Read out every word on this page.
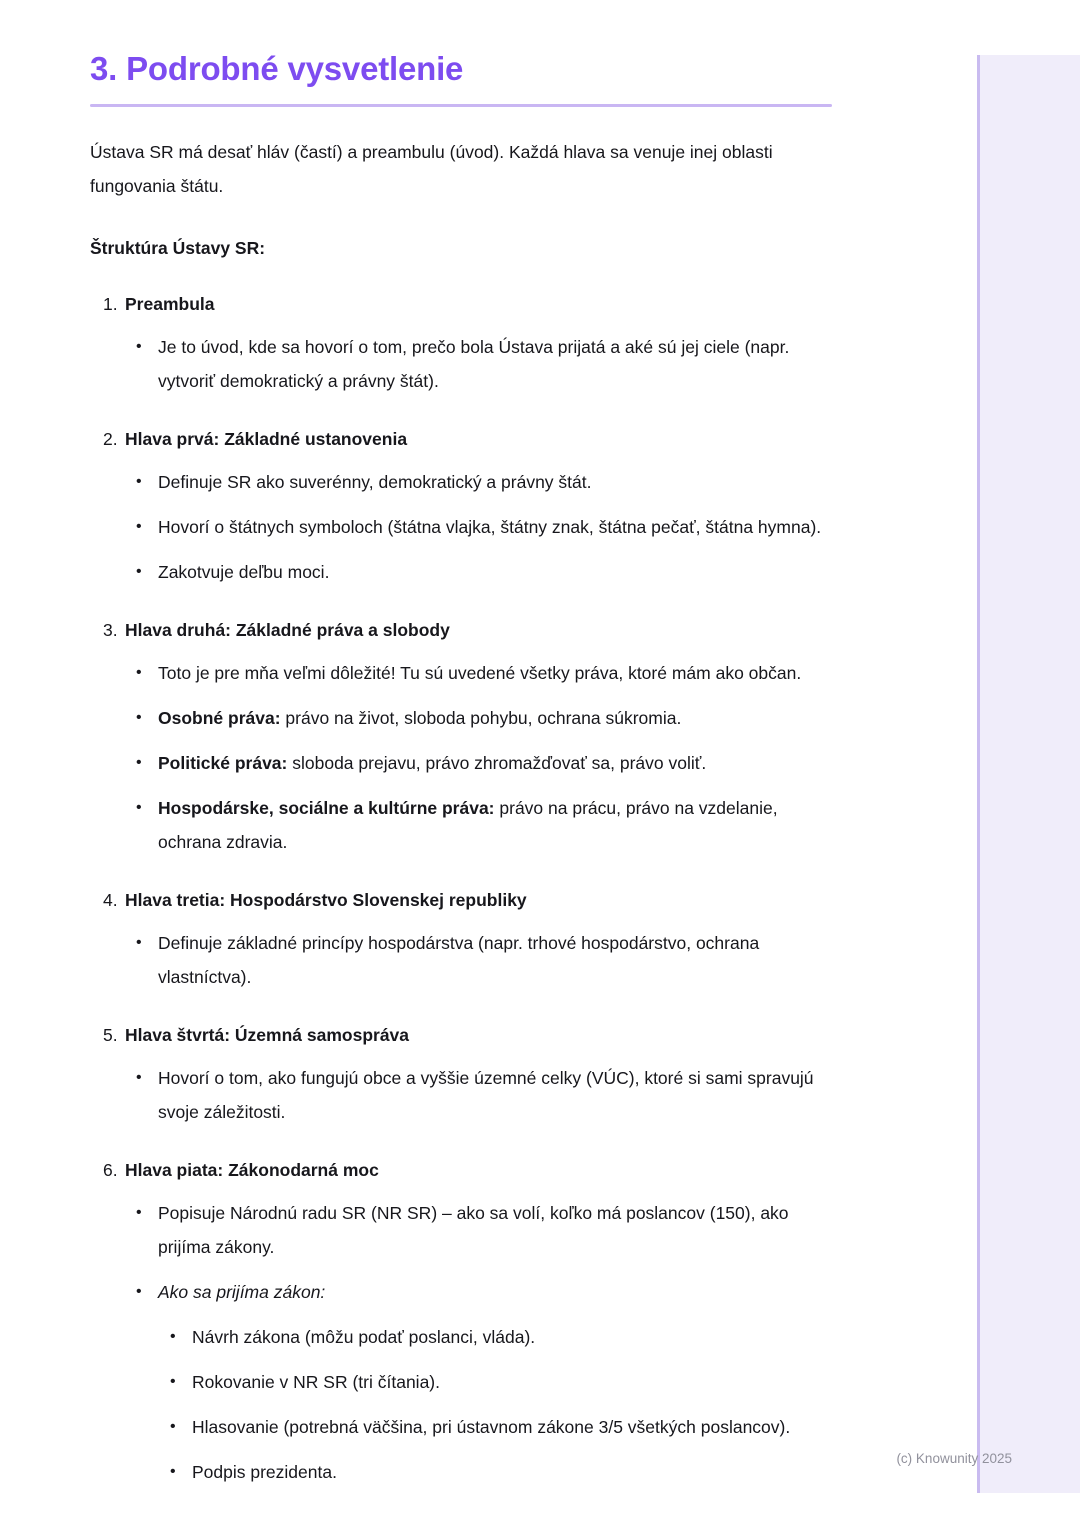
3. Podrobné vysvetlenie

Ústava SR má desať hláv (častí) a preambulu (úvod). Každá hlava sa venuje inej oblasti fungovania štátu.

Štruktúra Ústavy SR:

1. Preambula
• Je to úvod, kde sa hovorí o tom, prečo bola Ústava prijatá a aké sú jej ciele (napr. vytvoriť demokratický a právny štát).
2. Hlava prvá: Základné ustanovenia
• Definuje SR ako suverénny, demokratický a právny štát.
• Hovorí o štátnych symboloch (štátna vlajka, štátny znak, štátna pečať, štátna hymna).
• Zakotvuje deľbu moci.
3. Hlava druhá: Základné práva a slobody
• Toto je pre mňa veľmi dôležité! Tu sú uvedené všetky práva, ktoré mám ako občan.
• Osobné práva: právo na život, sloboda pohybu, ochrana súkromia.
• Politické práva: sloboda prejavu, právo zhromažďovať sa, právo voliť.
• Hospodárske, sociálne a kultúrne práva: právo na prácu, právo na vzdelanie, ochrana zdravia.
4. Hlava tretia: Hospodárstvo Slovenskej republiky
• Definuje základné princípy hospodárstva (napr. trhové hospodárstvo, ochrana vlastníctva).
5. Hlava štvrtá: Územná samospráva
• Hovorí o tom, ako fungujú obce a vyššie územné celky (VÚC), ktoré si sami spravujú svoje záležitosti.
6. Hlava piata: Zákonodarná moc
• Popisuje Národnú radu SR (NR SR) – ako sa volí, koľko má poslancov (150), ako prijíma zákony.
• Ako sa prijíma zákon:
• Návrh zákona (môžu podať poslanci, vláda).
• Rokovanie v NR SR (tri čítania).
• Hlasovanie (potrebná väčšina, pri ústavnom zákone 3/5 všetkých poslancov).
• Podpis prezidenta.
(c) Knowunity 2025
